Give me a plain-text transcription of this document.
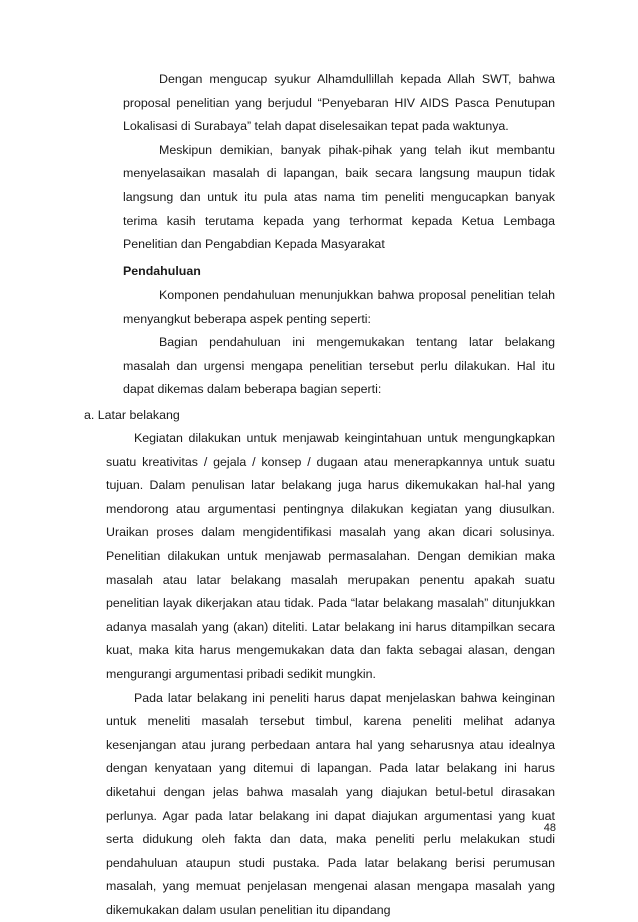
Dengan mengucap syukur Alhamdullillah kepada Allah SWT, bahwa proposal penelitian yang berjudul “Penyebaran HIV AIDS Pasca Penutupan Lokalisasi di Surabaya” telah dapat diselesaikan tepat pada waktunya.

Meskipun demikian, banyak pihak-pihak yang telah ikut membantu menyelasaikan masalah di lapangan, baik secara langsung maupun tidak langsung dan untuk itu pula atas nama tim peneliti mengucapkan banyak terima kasih terutama kepada yang terhormat kepada Ketua Lembaga Penelitian dan Pengabdian Kepada Masyarakat

Pendahuluan

Komponen pendahuluan menunjukkan bahwa proposal penelitian telah menyangkut beberapa aspek penting seperti:

Bagian pendahuluan ini mengemukakan tentang latar belakang masalah dan urgensi mengapa penelitian tersebut perlu dilakukan. Hal itu dapat dikemas dalam beberapa bagian seperti:

a. Latar belakang

Kegiatan dilakukan untuk menjawab keingintahuan untuk mengungkapkan suatu kreativitas / gejala / konsep / dugaan atau menerapkannya untuk suatu tujuan. Dalam penulisan latar belakang juga harus dikemukakan hal-hal yang mendorong atau argumentasi pentingnya dilakukan kegiatan yang diusulkan. Uraikan proses dalam mengidentifikasi masalah yang akan dicari solusinya. Penelitian dilakukan untuk menjawab permasalahan. Dengan demikian maka masalah atau latar belakang masalah merupakan penentu apakah suatu penelitian layak dikerjakan atau tidak. Pada “latar belakang masalah” ditunjukkan adanya masalah yang (akan) diteliti. Latar belakang ini harus ditampilkan secara kuat, maka kita harus mengemukakan data dan fakta sebagai alasan, dengan mengurangi argumentasi pribadi sedikit mungkin.

Pada latar belakang ini peneliti harus dapat menjelaskan bahwa keinginan untuk meneliti masalah tersebut timbul, karena peneliti melihat adanya kesenjangan atau jurang perbedaan antara hal yang seharusnya atau idealnya dengan kenyataan yang ditemui di lapangan. Pada latar belakang ini harus diketahui dengan jelas bahwa masalah yang diajukan betul-betul dirasakan perlunya. Agar pada latar belakang ini dapat diajukan argumentasi yang kuat serta didukung oleh fakta dan data, maka peneliti perlu melakukan studi pendahuluan ataupun studi pustaka. Pada latar belakang berisi perumusan masalah, yang memuat penjelasan mengenai alasan mengapa masalah yang dikemukakan dalam usulan penelitian itu dipandang

48
